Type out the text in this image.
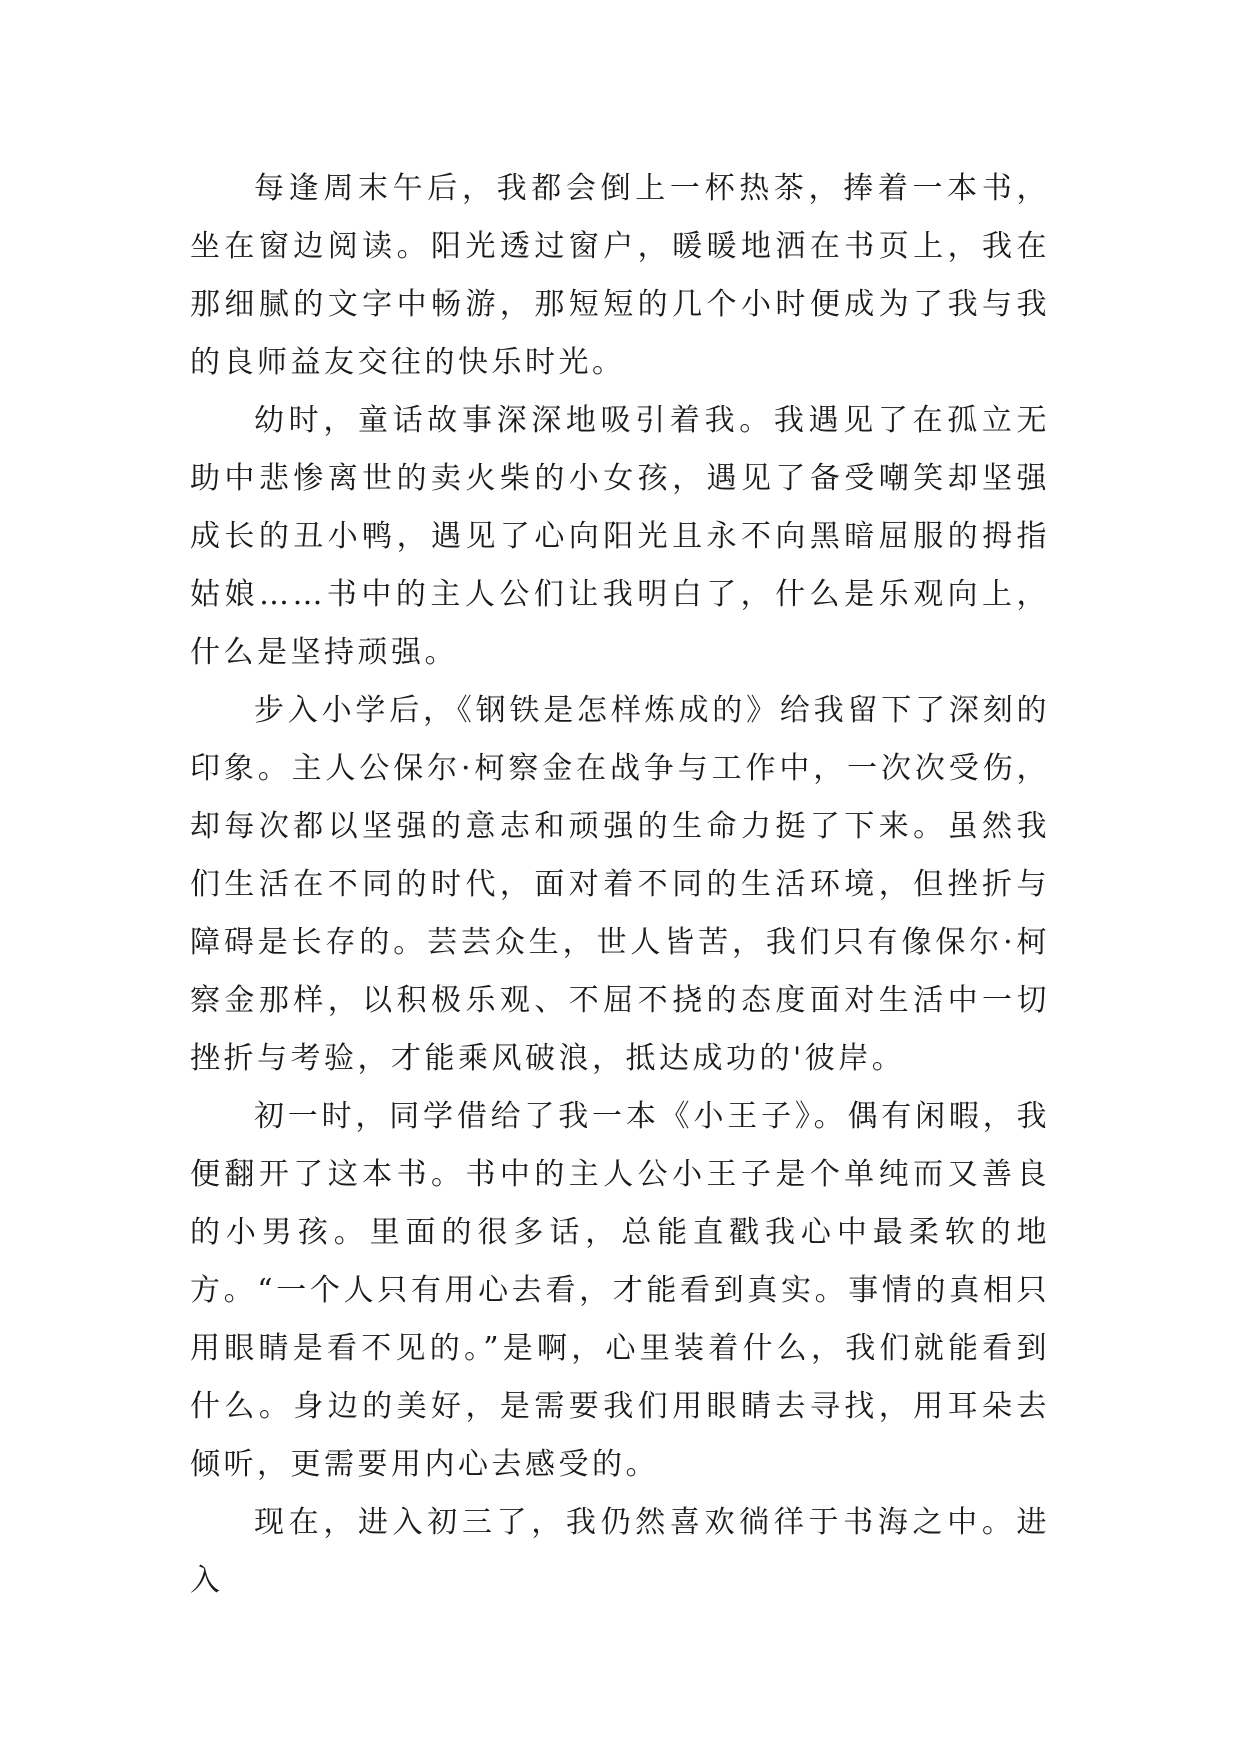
每逢周末午后，我都会倒上一杯热茶，捧着一本书，坐在窗边阅读。阳光透过窗户，暖暖地洒在书页上，我在那细腻的文字中畅游，那短短的几个小时便成为了我与我的良师益友交往的快乐时光。

幼时，童话故事深深地吸引着我。我遇见了在孤立无助中悲惨离世的卖火柴的小女孩，遇见了备受嘲笑却坚强成长的丑小鸭，遇见了心向阳光且永不向黑暗屈服的拇指姑娘……书中的主人公们让我明白了，什么是乐观向上，什么是坚持顽强。

步入小学后，《钢铁是怎样炼成的》给我留下了深刻的印象。主人公保尔·柯察金在战争与工作中，一次次受伤，却每次都以坚强的意志和顽强的生命力挺了下来。虽然我们生活在不同的时代，面对着不同的生活环境，但挫折与障碍是长存的。芸芸众生，世人皆苦，我们只有像保尔·柯察金那样，以积极乐观、不屈不挠的态度面对生活中一切挫折与考验，才能乘风破浪，抵达成功的'彼岸。

初一时，同学借给了我一本《小王子》。偶有闲暇，我便翻开了这本书。书中的主人公小王子是个单纯而又善良的小男孩。里面的很多话，总能直戳我心中最柔软的地方。“一个人只有用心去看，才能看到真实。事情的真相只用眼睛是看不见的。”是啊，心里装着什么，我们就能看到什么。身边的美好，是需要我们用眼睛去寻找，用耳朵去倾听，更需要用内心去感受的。

现在，进入初三了，我仍然喜欢徜徉于书海之中。进入
